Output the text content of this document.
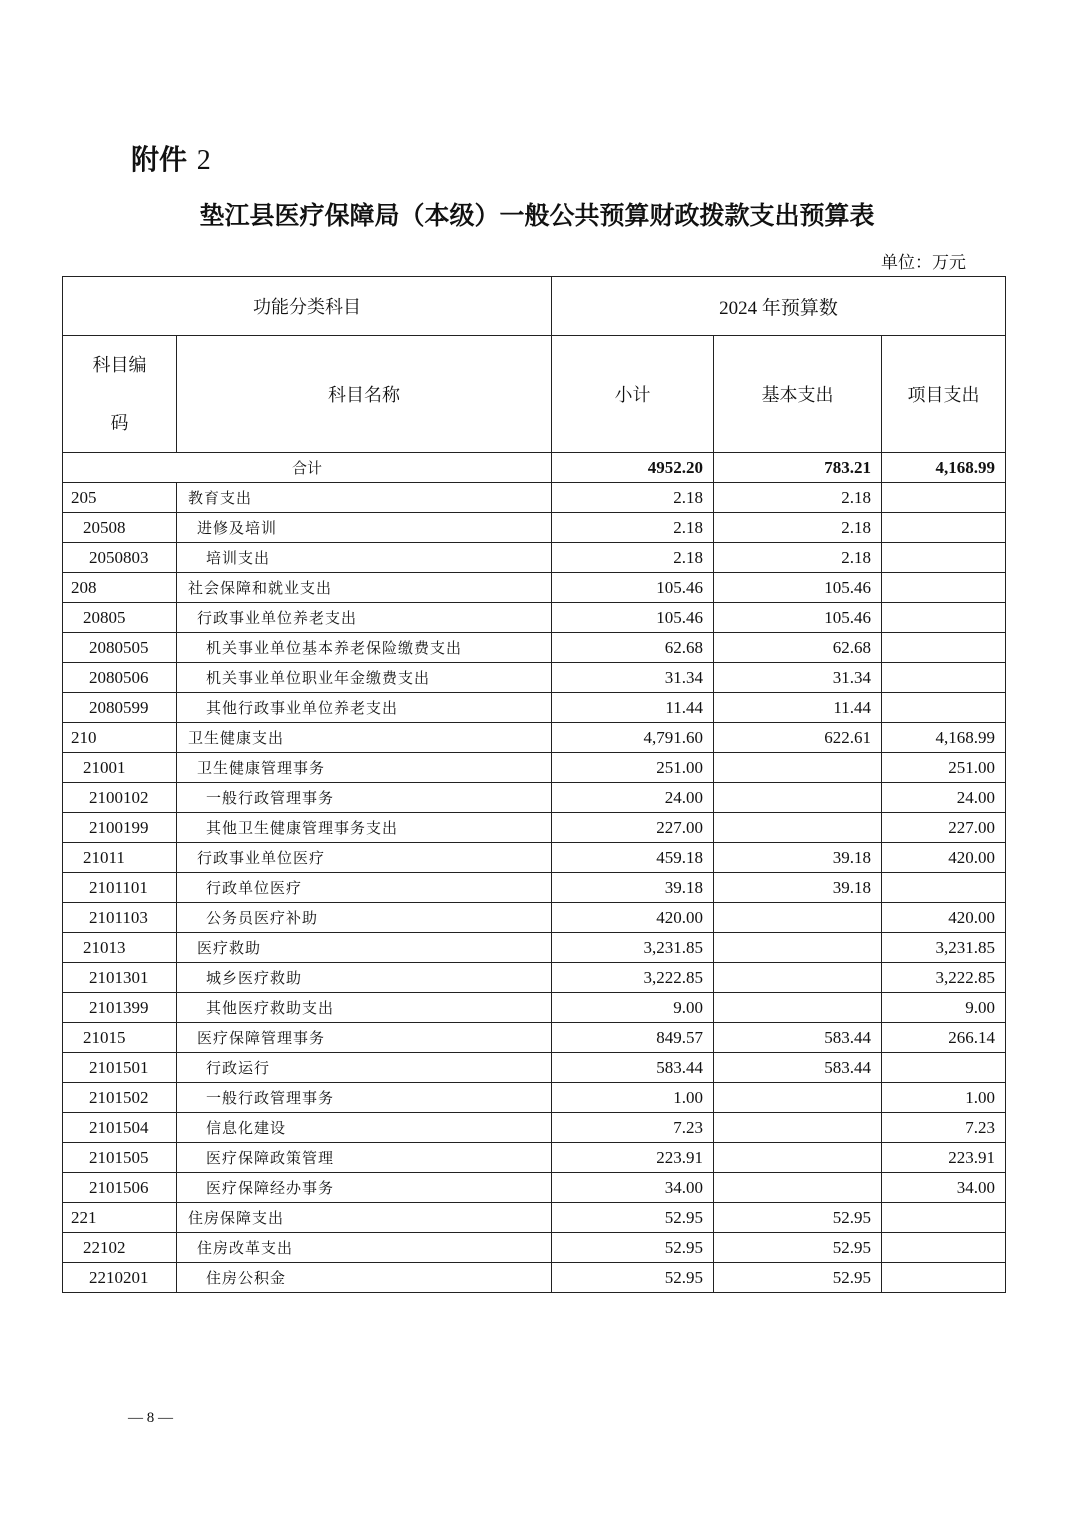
附件 2
垫江县医疗保障局（本级）一般公共预算财政拨款支出预算表
单位：万元
功能分类科目		2024 年预算数		

科目编
码	科目名称	小计	基本支出	项目支出
合计		4952.20	783.21	4,168.99
205	教育支出	2.18	2.18	
20508	进修及培训	2.18	2.18	
2050803	培训支出	2.18	2.18	
208	社会保障和就业支出	105.46	105.46	
20805	行政事业单位养老支出	105.46	105.46	
2080505	机关事业单位基本养老保险缴费支出	62.68	62.68	
2080506	机关事业单位职业年金缴费支出	31.34	31.34	
2080599	其他行政事业单位养老支出	11.44	11.44	
210	卫生健康支出	4,791.60	622.61	4,168.99
21001	卫生健康管理事务	251.00		251.00
2100102	一般行政管理事务	24.00		24.00
2100199	其他卫生健康管理事务支出	227.00		227.00
21011	行政事业单位医疗	459.18	39.18	420.00
2101101	行政单位医疗	39.18	39.18	
2101103	公务员医疗补助	420.00		420.00
21013	医疗救助	3,231.85		3,231.85
2101301	城乡医疗救助	3,222.85		3,222.85
2101399	其他医疗救助支出	9.00		9.00
21015	医疗保障管理事务	849.57	583.44	266.14
2101501	行政运行	583.44	583.44	
2101502	一般行政管理事务	1.00		1.00
2101504	信息化建设	7.23		7.23
2101505	医疗保障政策管理	223.91		223.91
2101506	医疗保障经办事务	34.00		34.00
221	住房保障支出	52.95	52.95	
22102	住房改革支出	52.95	52.95	
2210201	住房公积金	52.95	52.95	
— 8 —
